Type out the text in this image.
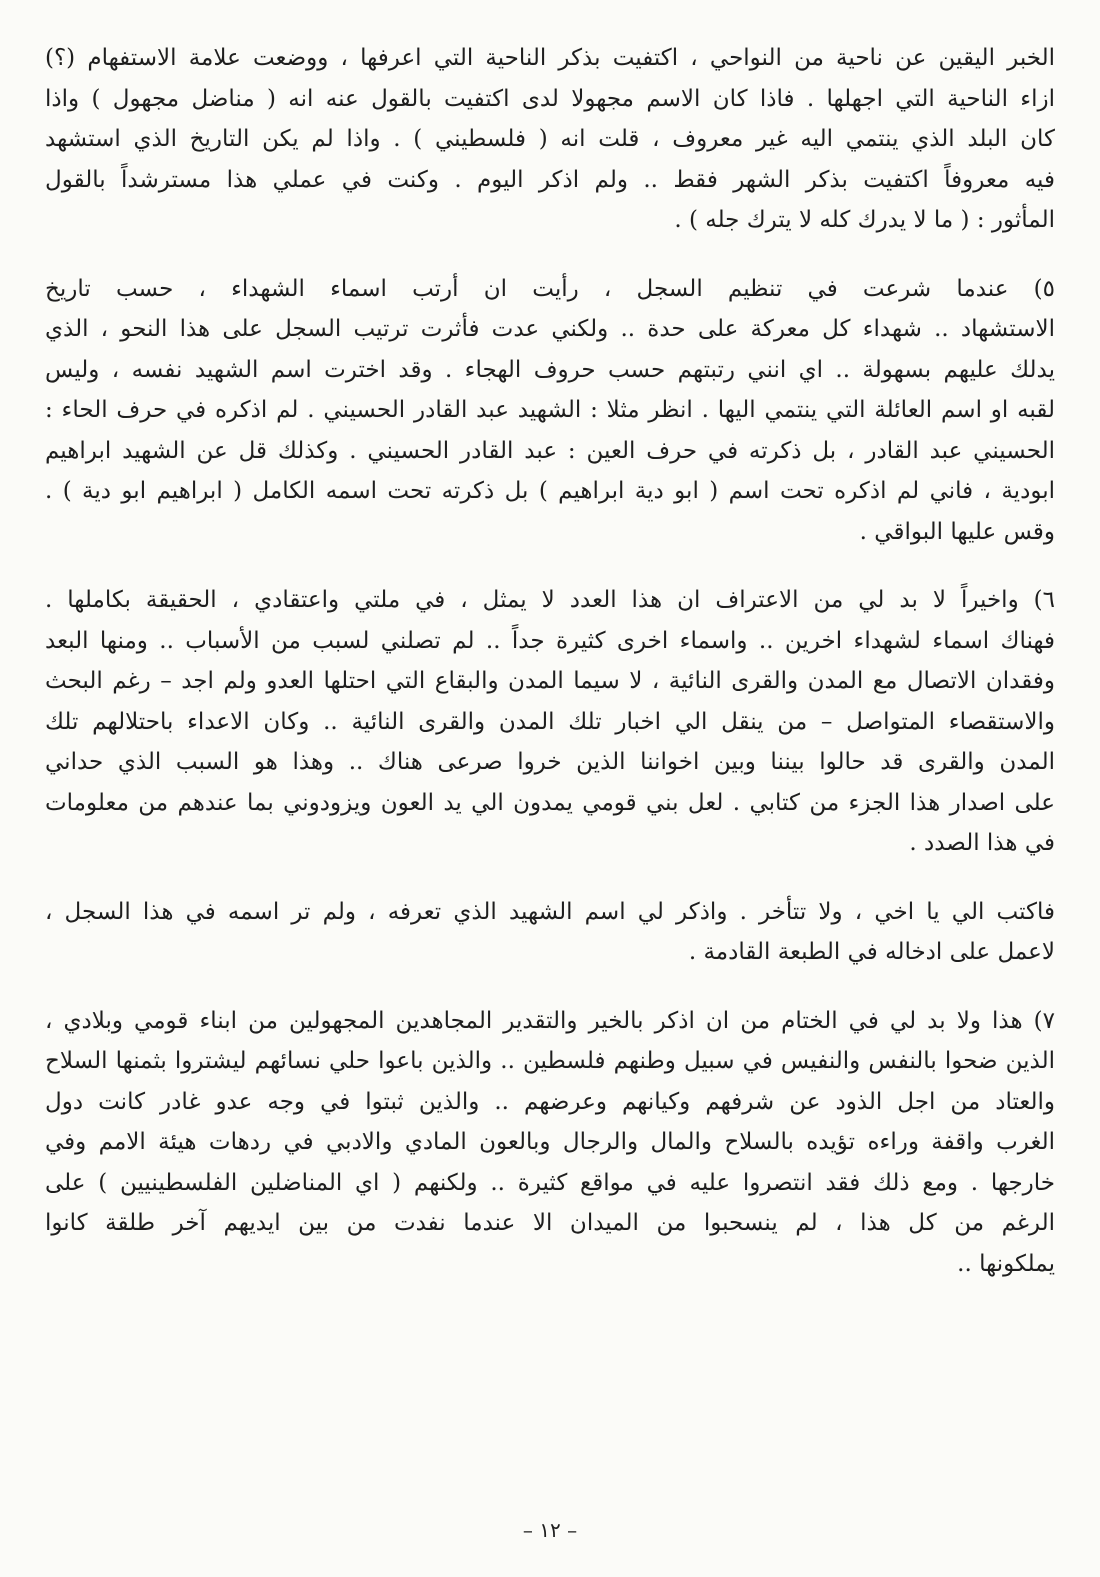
الخبر اليقين عن ناحية من النواحي ، اكتفيت بذكر الناحية التي اعرفها ، ووضعت علامة الاستفهام (؟)
ازاء الناحية التي اجهلها . فاذا كان الاسم مجهولا لدى اكتفيت بالقول عنه انه ( مناضل مجهول ) واذا
كان البلد الذي ينتمي اليه غير معروف ، قلت انه ( فلسطيني ) . واذا لم يكن التاريخ الذي استشهد
فيه معروفاً اكتفيت بذكر الشهر فقط .. ولم اذكر اليوم . وكنت في عملي هذا مسترشداً بالقول
المأثور : ( ما لا يدرك كله لا يترك جله ) .
٥) عندما شرعت في تنظيم السجل ، رأيت ان أرتب اسماء الشهداء ، حسب تاريخ
الاستشهاد .. شهداء كل معركة على حدة .. ولكني عدت فأثرت ترتيب السجل على هذا النحو ، الذي
يدلك عليهم بسهولة .. اي انني رتبتهم حسب حروف الهجاء . وقد اخترت اسم الشهيد نفسه ، وليس
لقبه او اسم العائلة التي ينتمي اليها . انظر مثلا : الشهيد عبد القادر الحسيني . لم اذكره في حرف الحاء :
الحسيني عبد القادر ، بل ذكرته في حرف العين : عبد القادر الحسيني . وكذلك قل عن الشهيد ابراهيم
ابودية ، فاني لم اذكره تحت اسم ( ابو دية ابراهيم ) بل ذكرته تحت اسمه الكامل ( ابراهيم ابو دية ) .
وقس عليها البواقي .
٦) واخيراً لا بد لي من الاعتراف ان هذا العدد لا يمثل ، في ملتي واعتقادي ، الحقيقة بكاملها .
فهناك اسماء لشهداء اخرين .. واسماء اخرى كثيرة جداً .. لم تصلني لسبب من الأسباب .. ومنها البعد
وفقدان الاتصال مع المدن والقرى النائية ، لا سيما المدن والبقاع التي احتلها العدو ولم اجد – رغم البحث
والاستقصاء المتواصل – من ينقل الي اخبار تلك المدن والقرى النائية .. وكان الاعداء باحتلالهم تلك
المدن والقرى قد حالوا بيننا وبين اخواننا الذين خروا صرعى هناك .. وهذا هو السبب الذي حداني
على اصدار هذا الجزء من كتابي . لعل بني قومي يمدون الي يد العون ويزودوني بما عندهم من معلومات
في هذا الصدد .
فاكتب الي يا اخي ، ولا تتأخر . واذكر لي اسم الشهيد الذي تعرفه ، ولم تر اسمه في هذا السجل ،
لاعمل على ادخاله في الطبعة القادمة .
٧) هذا ولا بد لي في الختام من ان اذكر بالخير والتقدير المجاهدين المجهولين من ابناء قومي وبلادي ،
الذين ضحوا بالنفس والنفيس في سبيل وطنهم فلسطين .. والذين باعوا حلي نسائهم ليشتروا بثمنها السلاح
والعتاد من اجل الذود عن شرفهم وكيانهم وعرضهم .. والذين ثبتوا في وجه عدو غادر كانت دول
الغرب واقفة وراءه تؤيده بالسلاح والمال والرجال وبالعون المادي والادبي في ردهات هيئة الامم وفي
خارجها . ومع ذلك فقد انتصروا عليه في مواقع كثيرة .. ولكنهم ( اي المناضلين الفلسطينيين ) على
الرغم من كل هذا ، لم ينسحبوا من الميدان الا عندما نفدت من بين ايديهم آخر طلقة كانوا
يملكونها ..
– ١٢ –
